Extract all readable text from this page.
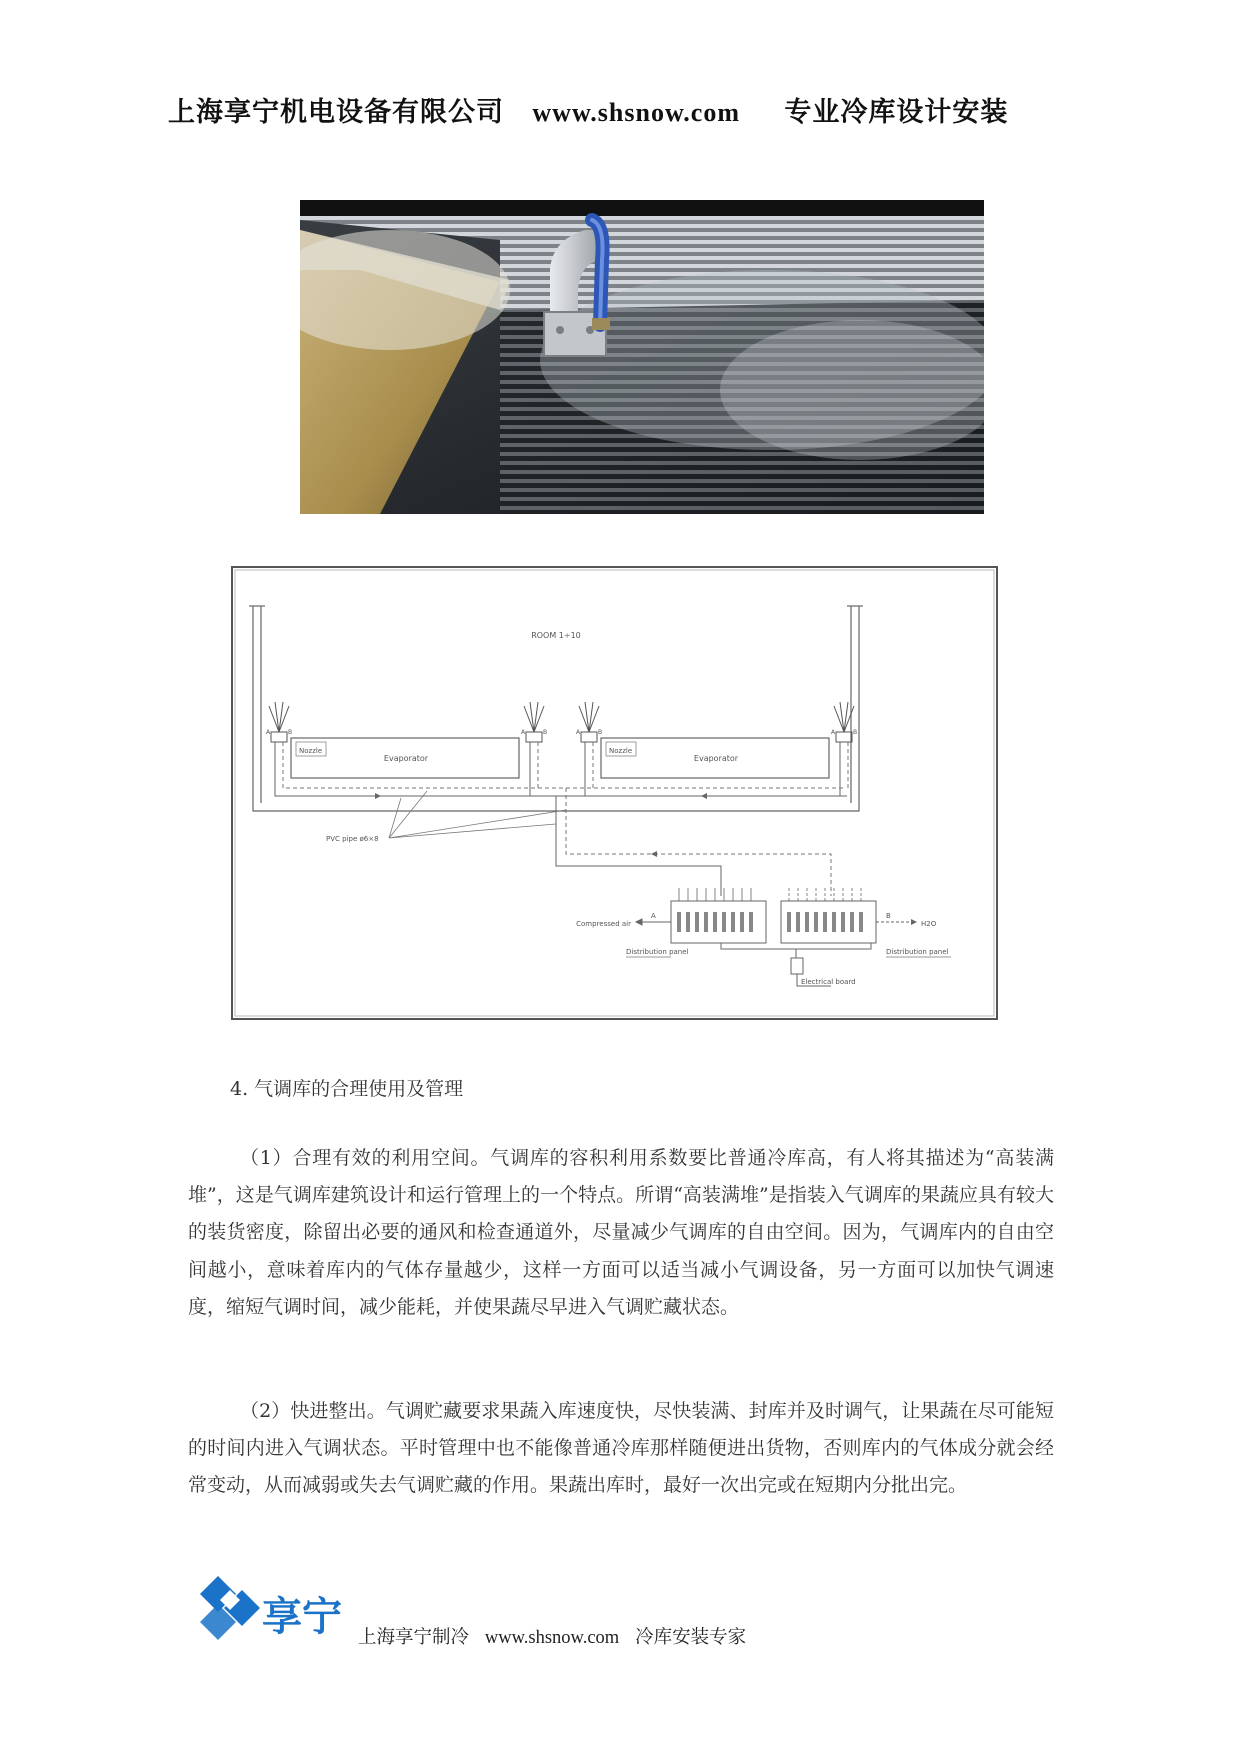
上海享宁机电设备有限公司 www.shsnow.com 专业冷库设计安装
ROOM 1÷10
Nozzle
Evaporator
Nozzle
Evaporator
A	B	A	B	A	B	A	B
PVC pipe ø6×8
Compressed air
A
H2O
B
Distribution panel	Distribution panel
Electrical board
4. 气调库的合理使用及管理
（1）合理有效的利用空间。气调库的容积利用系数要比普通冷库高，有人将其描述为“高装满堆”，这是气调库建筑设计和运行管理上的一个特点。所谓“高装满堆”是指装入气调库的果蔬应具有较大的装货密度，除留出必要的通风和检查通道外，尽量减少气调库的自由空间。因为，气调库内的自由空间越小，意味着库内的气体存量越少，这样一方面可以适当减小气调设备，另一方面可以加快气调速度，缩短气调时间，减少能耗，并使果蔬尽早进入气调贮藏状态。
（2）快进整出。气调贮藏要求果蔬入库速度快，尽快装满、封库并及时调气，让果蔬在尽可能短的时间内进入气调状态。平时管理中也不能像普通冷库那样随便进出货物，否则库内的气体成分就会经常变动，从而减弱或失去气调贮藏的作用。果蔬出库时，最好一次出完或在短期内分批出完。
享宁 上海享宁制冷 www.shsnow.com 冷库安装专家
